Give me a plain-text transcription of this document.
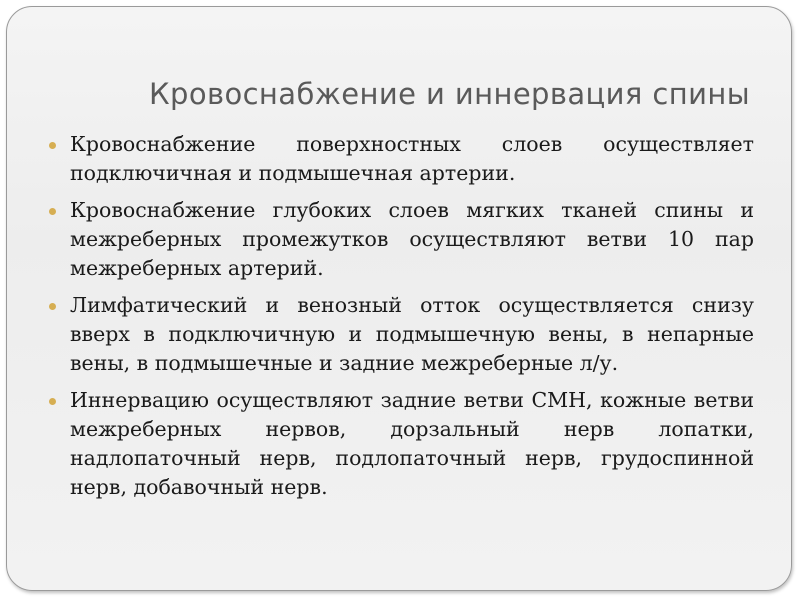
Кровоснабжение и иннервация спины
Кровоснабжение поверхностных слоев осуществляет подключичная и подмышечная артерии.
Кровоснабжение глубоких слоев мягких тканей спины и межреберных промежутков осуществляют ветви 10 пар межреберных артерий.
Лимфатический и венозный отток осуществляется снизу вверх в подключичную и подмышечную вены, в непарные вены, в подмышечные и задние межреберные л/у.
Иннервацию осуществляют задние ветви СМН, кожные ветви межреберных нервов, дорзальный нерв лопатки, надлопаточный нерв, подлопаточный нерв, грудоспинной нерв, добавочный нерв.
